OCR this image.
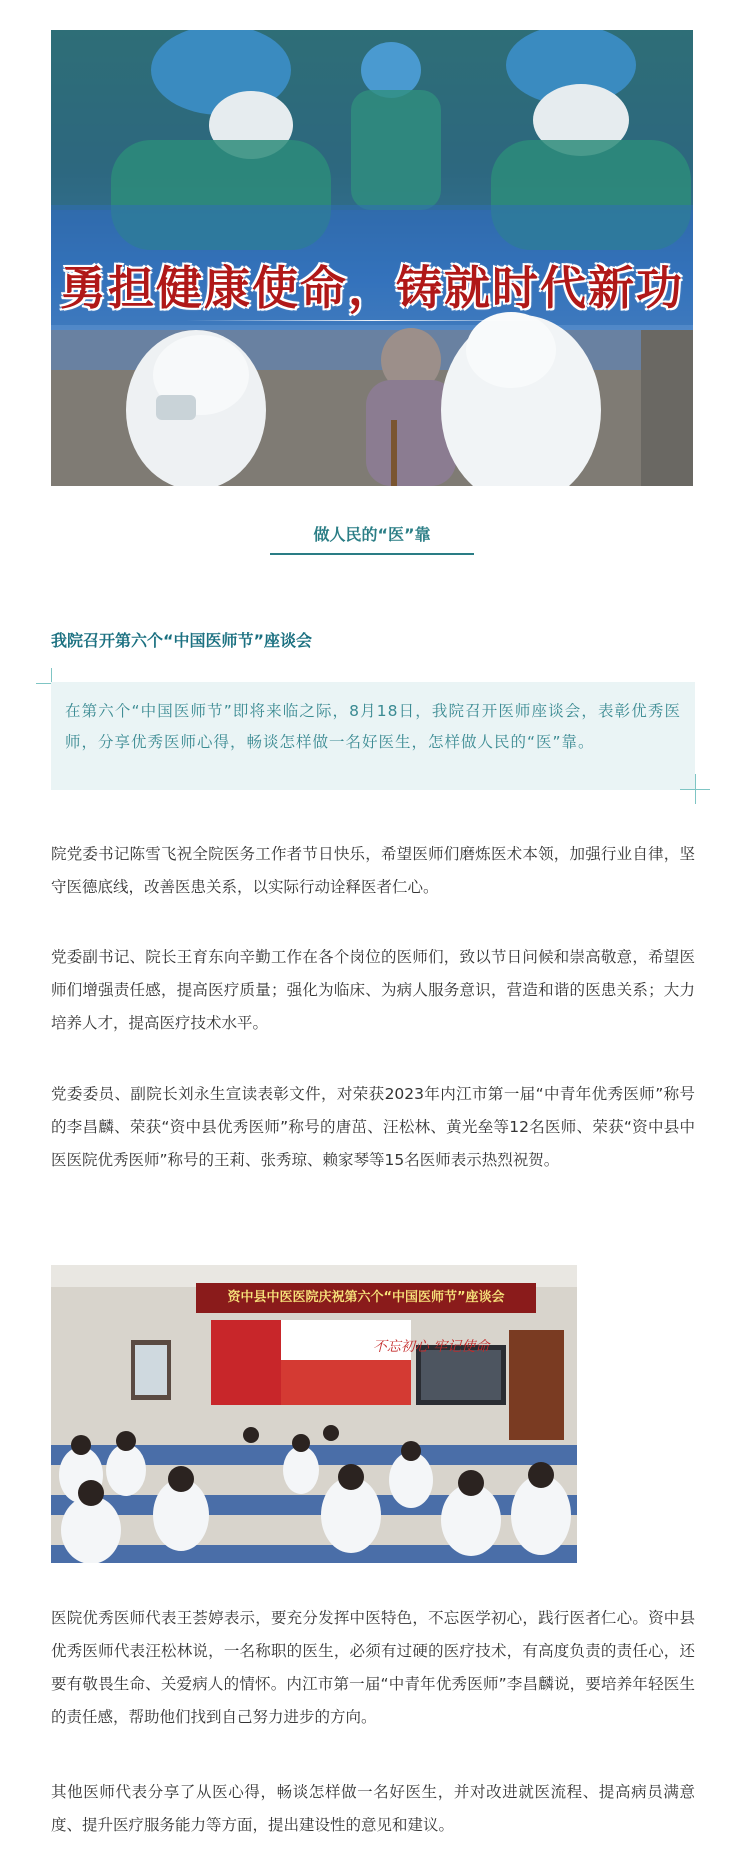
勇担健康使命，铸就时代新功
做人民的“医”靠
我院召开第六个“中国医师节”座谈会

在第六个“中国医师节”即将来临之际，8月18日，我院召开医师座谈会，表彰优秀医师，分享优秀医师心得，畅谈怎样做一名好医生，怎样做人民的“医”靠。

院党委书记陈雪飞祝全院医务工作者节日快乐，希望医师们磨炼医术本领，加强行业自律，坚守医德底线，改善医患关系，以实际行动诠释医者仁心。

党委副书记、院长王育东向辛勤工作在各个岗位的医师们，致以节日问候和崇高敬意，希望医师们增强责任感，提高医疗质量；强化为临床、为病人服务意识，营造和谐的医患关系；大力培养人才，提高医疗技术水平。

党委委员、副院长刘永生宣读表彰文件，对荣获2023年内江市第一届“中青年优秀医师”称号的李昌麟、荣获“资中县优秀医师”称号的唐茁、汪松林、黄光垒等12名医师、荣获“资中县中医医院优秀医师”称号的王莉、张秀琼、赖家琴等15名医师表示热烈祝贺。

资中县中医医院庆祝第六个“中国医师节”座谈会
不忘初心 牢记使命

医院优秀医师代表王荟婷表示，要充分发挥中医特色，不忘医学初心，践行医者仁心。资中县优秀医师代表汪松林说，一名称职的医生，必须有过硬的医疗技术，有高度负责的责任心，还要有敬畏生命、关爱病人的情怀。内江市第一届“中青年优秀医师”李昌麟说，要培养年轻医生的责任感，帮助他们找到自己努力进步的方向。

其他医师代表分享了从医心得，畅谈怎样做一名好医生，并对改进就医流程、提高病员满意度、提升医疗服务能力等方面，提出建设性的意见和建议。
